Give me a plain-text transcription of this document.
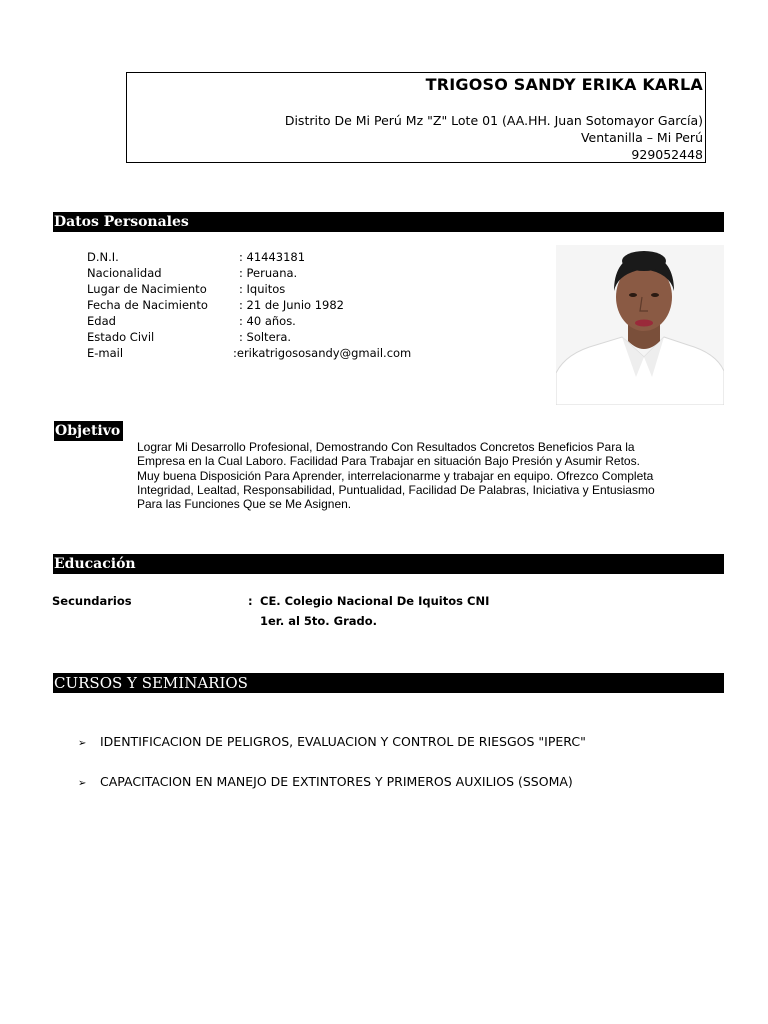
TRIGOSO SANDY ERIKA KARLA
Distrito De Mi Perú Mz "Z" Lote 01 (AA.HH. Juan Sotomayor García)
Ventanilla – Mi Perú
929052448
Datos Personales
D.N.I.	: 41443181
Nacionalidad	: Peruana.
Lugar de Nacimiento	: Iquitos
Fecha de Nacimiento	: 21 de Junio 1982
Edad	: 40 años.
Estado Civil	: Soltera.
E-mail	:erikatrigososandy@gmail.com
Objetivo
Lograr Mi Desarrollo Profesional, Demostrando Con Resultados Concretos Beneficios Para la
Empresa en la Cual Laboro. Facilidad Para Trabajar en situación Bajo Presión y Asumir Retos.
Muy buena Disposición Para Aprender, interrelacionarme y trabajar en equipo. Ofrezco Completa
Integridad, Lealtad, Responsabilidad, Puntualidad, Facilidad De Palabras, Iniciativa y Entusiasmo
Para las Funciones Que se Me Asignen.
Educación
Secundarios	: CE. Colegio Nacional De Iquitos CNI
1er. al 5to. Grado.
CURSOS Y SEMINARIOS
➢ IDENTIFICACION DE PELIGROS, EVALUACION Y CONTROL DE RIESGOS "IPERC"
➢ CAPACITACION EN MANEJO DE EXTINTORES Y PRIMEROS AUXILIOS (SSOMA)
